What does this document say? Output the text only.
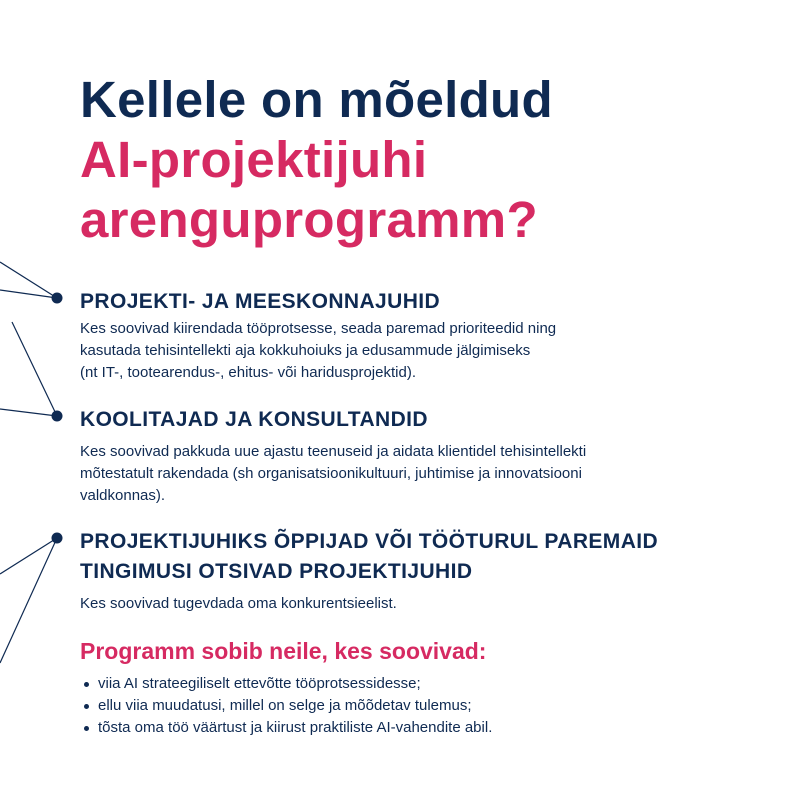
Kellele on mõeldud
AI-projektijuhi
arenguprogramm?
PROJEKTI- JA MEESKONNAJUHID

Kes soovivad kiirendada tööprotsesse, seada paremad prioriteedid ning
kasutada tehisintellekti aja kokkuhoiuks ja edusammude jälgimiseks
(nt IT-, tootearendus-, ehitus- või haridusprojektid).

KOOLITAJAD JA KONSULTANDID

Kes soovivad pakkuda uue ajastu teenuseid ja aidata klientidel tehisintellekti
mõtestatult rakendada (sh organisatsioonikultuuri, juhtimise ja innovatsiooni
valdkonnas).

PROJEKTIJUHIKS ÕPPIJAD VÕI TÖÖTURUL PAREMAID
TINGIMUSI OTSIVAD PROJEKTIJUHID

Kes soovivad tugevdada oma konkurentsieelist.

Programm sobib neile, kes soovivad:
viia AI strateegiliselt ettevõtte tööprotsessidesse;
ellu viia muudatusi, millel on selge ja mõõdetav tulemus;
tõsta oma töö väärtust ja kiirust praktiliste AI-vahendite abil.
